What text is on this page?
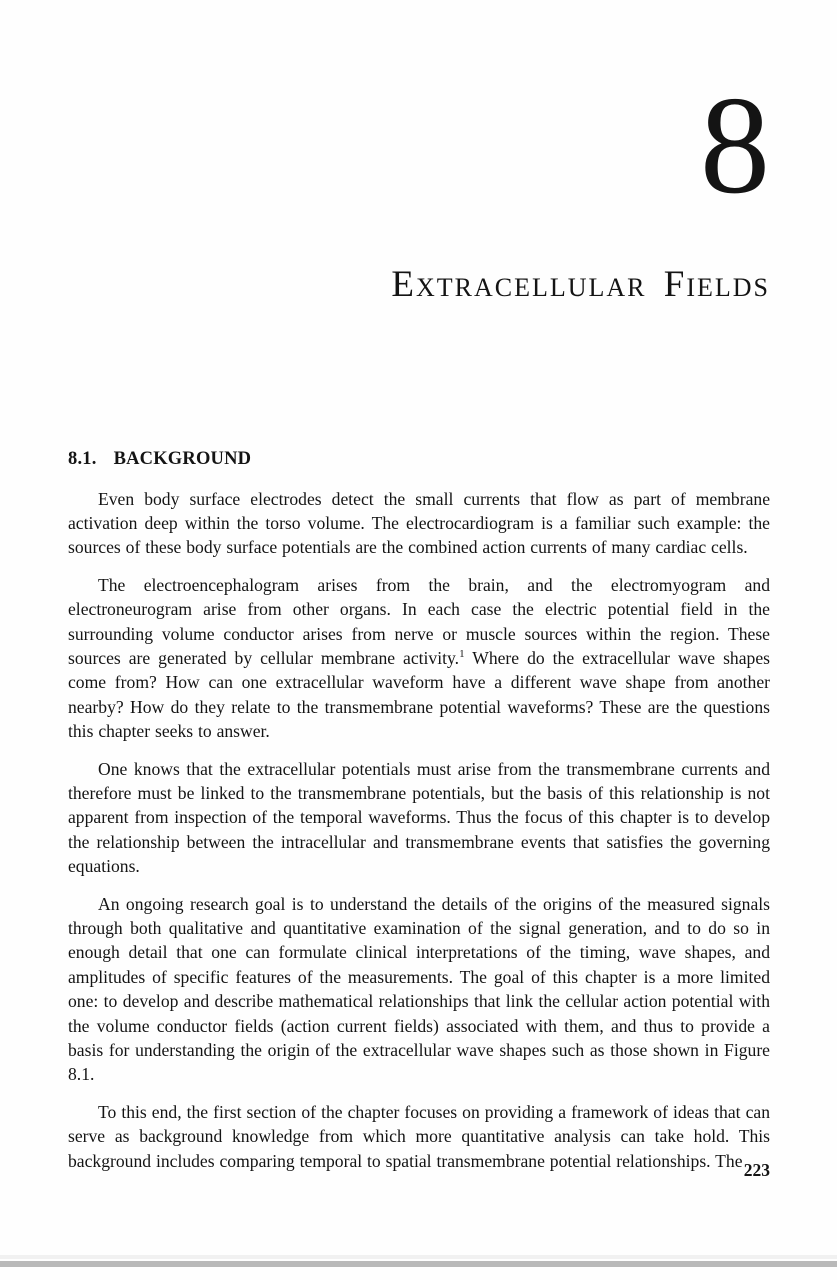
8
Extracellular Fields
8.1. BACKGROUND

Even body surface electrodes detect the small currents that flow as part of membrane activation deep within the torso volume. The electrocardiogram is a familiar such example: the sources of these body surface potentials are the combined action currents of many cardiac cells.

The electroencephalogram arises from the brain, and the electromyogram and electroneurogram arise from other organs. In each case the electric potential field in the surrounding volume conductor arises from nerve or muscle sources within the region. These sources are generated by cellular membrane activity.$^1$ Where do the extracellular wave shapes come from? How can one extracellular waveform have a different wave shape from another nearby? How do they relate to the transmembrane potential waveforms? These are the questions this chapter seeks to answer.

One knows that the extracellular potentials must arise from the transmembrane currents and therefore must be linked to the transmembrane potentials, but the basis of this relationship is not apparent from inspection of the temporal waveforms. Thus the focus of this chapter is to develop the relationship between the intracellular and transmembrane events that satisfies the governing equations.

An ongoing research goal is to understand the details of the origins of the measured signals through both qualitative and quantitative examination of the signal generation, and to do so in enough detail that one can formulate clinical interpretations of the timing, wave shapes, and amplitudes of specific features of the measurements. The goal of this chapter is a more limited one: to develop and describe mathematical relationships that link the cellular action potential with the volume conductor fields (action current fields) associated with them, and thus to provide a basis for understanding the origin of the extracellular wave shapes such as those shown in Figure 8.1.

To this end, the first section of the chapter focuses on providing a framework of ideas that can serve as background knowledge from which more quantitative analysis can take hold. This background includes comparing temporal to spatial transmembrane potential relationships. The 223
